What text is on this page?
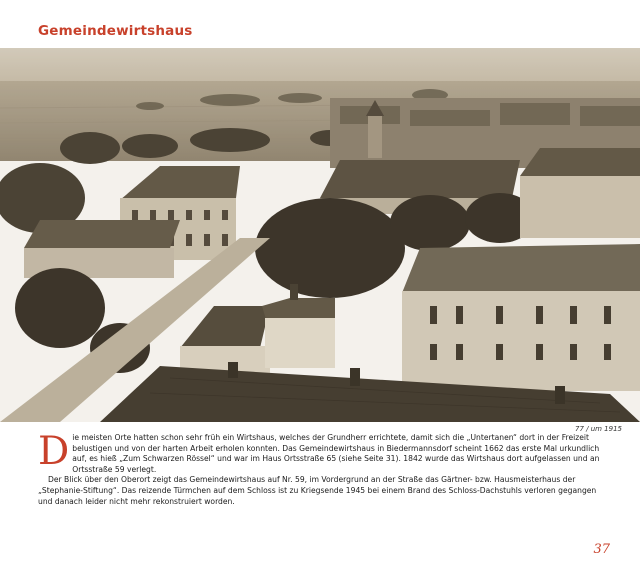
Gemeindewirtshaus
77 / um 1915

Die meisten Orte hatten schon sehr früh ein Wirtshaus, welches der Grundherr errichtete, damit sich die „Untertanen“ dort in der Freizeit belustigen und von der harten Arbeit erholen konnten. Das Gemeindewirtshaus in Biedermannsdorf scheint 1662 das erste Mal urkundlich auf, es hieß „Zum Schwarzen Rössel“ und war im Haus Ortsstraße 65 (siehe Seite 31). 1842 wurde das Wirtshaus dort aufgelassen und an Ortsstraße 59 verlegt.

Der Blick über den Oberort zeigt das Gemeindewirtshaus auf Nr. 59, im Vordergrund an der Straße das Gärtner- bzw. Hausmeisterhaus der „Stephanie-Stiftung“. Das reizende Türmchen auf dem Schloss ist zu Kriegsende 1945 bei einem Brand des Schloss-Dachstuhls verloren gegangen und danach leider nicht mehr rekonstruiert worden.

37
